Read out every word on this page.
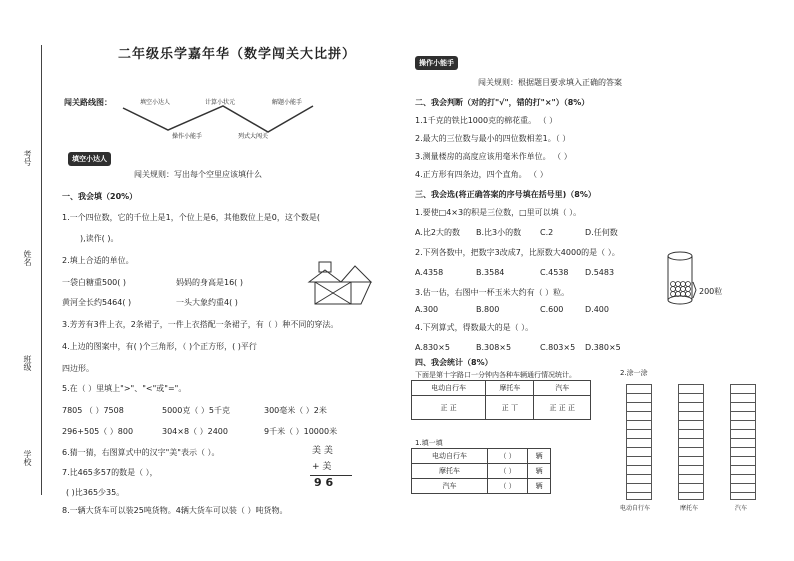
考号
姓名
班级
学校
二年级乐学嘉年华（数学闯关大比拼）
闯关路线图：	填空小达人
操作小能手
计算小状元
列式大闯关
解题小能手
填空小达人
闯关规则：写出每个空里应该填什么
一、我会填（20%）
1.一个四位数，它的千位上是1，个位上是6，其他数位上是0，这个数是(
),读作( )。
2.填上合适的单位。
一袋白糖重500( )	妈妈的身高是16( )
黄河全长约5464( )	一头大象约重4( )
3.芳芳有3件上衣，2条裙子，一件上衣搭配一条裙子，有（ ）种不同的穿法。
4.上边的图案中，有( )个三角形，（ )个正方形，( )平行
四边形。
5.在（ ）里填上">"、"<"或"="。
7805 （ ）7508	5000克（ ）5千克	300毫米（ ）2米
296+505（ ）800	304×8（ ）2400	9千米（ ）10000米
6.猜一猜，右图算式中的汉字"美"表示（ ）。
7.比465多57的数是（ ），
( )比365少35。
美 美
+ 美
9 6
8.一辆大货车可以装25吨货物。4辆大货车可以装（ ）吨货物。
操作小能手
闯关规则：根据题目要求填入正确的答案
二、我会判断（对的打"√"，错的打"×"）（8%）
1.1千克的铁比1000克的棉花重。 （ ）
2.最大的三位数与最小的四位数相差1。（ ）
3.测量楼房的高度应该用毫米作单位。 （ ）
4.正方形有四条边，四个直角。 （ ）
三、我会选(将正确答案的序号填在括号里)（8%）
1.要使□4×3的积是三位数，□里可以填（ ）。
A.比2大的数 B.比3小的数 C.2	D.任何数
2.下列各数中，把数字3改成7，比原数大4000的是（ ）。
A.4358	B.3584	C.4538 D.5483
3.估一估，右图中一杯玉米大约有（ ）粒。
A.300	B.800	C.600	D.400
4.下列算式，得数最大的是（ ）。
A.830×5	B.308×5	C.803×5 D.380×5
200粒
四、我会统计（8%）
下面是第十字路口一分钟内各种车辆通行情况统计。
电动自行车	摩托车	汽车
正 正	正 丅	正 正 正
1.填一填
电动自行车	（ ）	辆
摩托车	（ ）	辆
汽车	（ ）	辆
2.涂一涂
电动自行车	摩托车	汽车
